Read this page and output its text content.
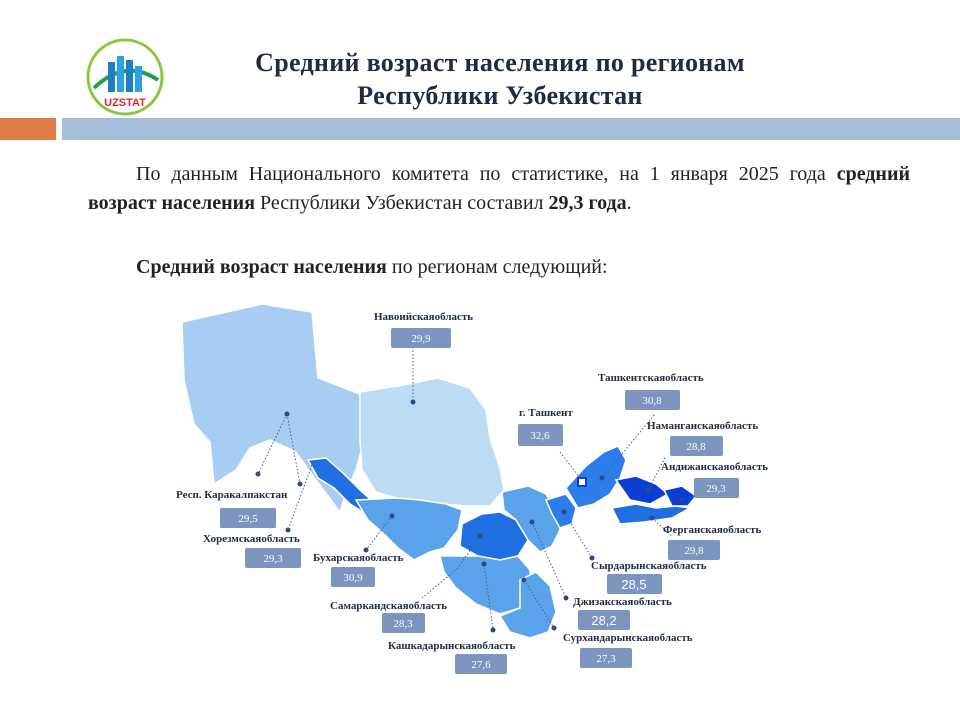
UZSTAT
Средний возраст населения по регионам
Республики Узбекистан
По данным Национального комитета по статистике, на 1 января 2025 года средний возраст населения Республики Узбекистан составил 29,3 года.
Средний возраст населения по регионам следующий:
Навоийскаяобласть
29,9
Ташкентскаяобласть
30,8
г. Ташкент
32,6
Наманганскаяобласть
28,8
Андижанскаяобласть
29,3
Ферганскаяобласть
29,8
Респ. Каракалпакстан
29,5
Хорезмскаяобласть
29,3	Бухарскаяобласть
30,9
Сырдарынскаяобласть
28,5
Самаркандскаяобласть
28,3
Джизакскаяобласть
28,2
Кашкадарынскаяобласть
27,6
Сурхандарынскаяобласть
27,3
